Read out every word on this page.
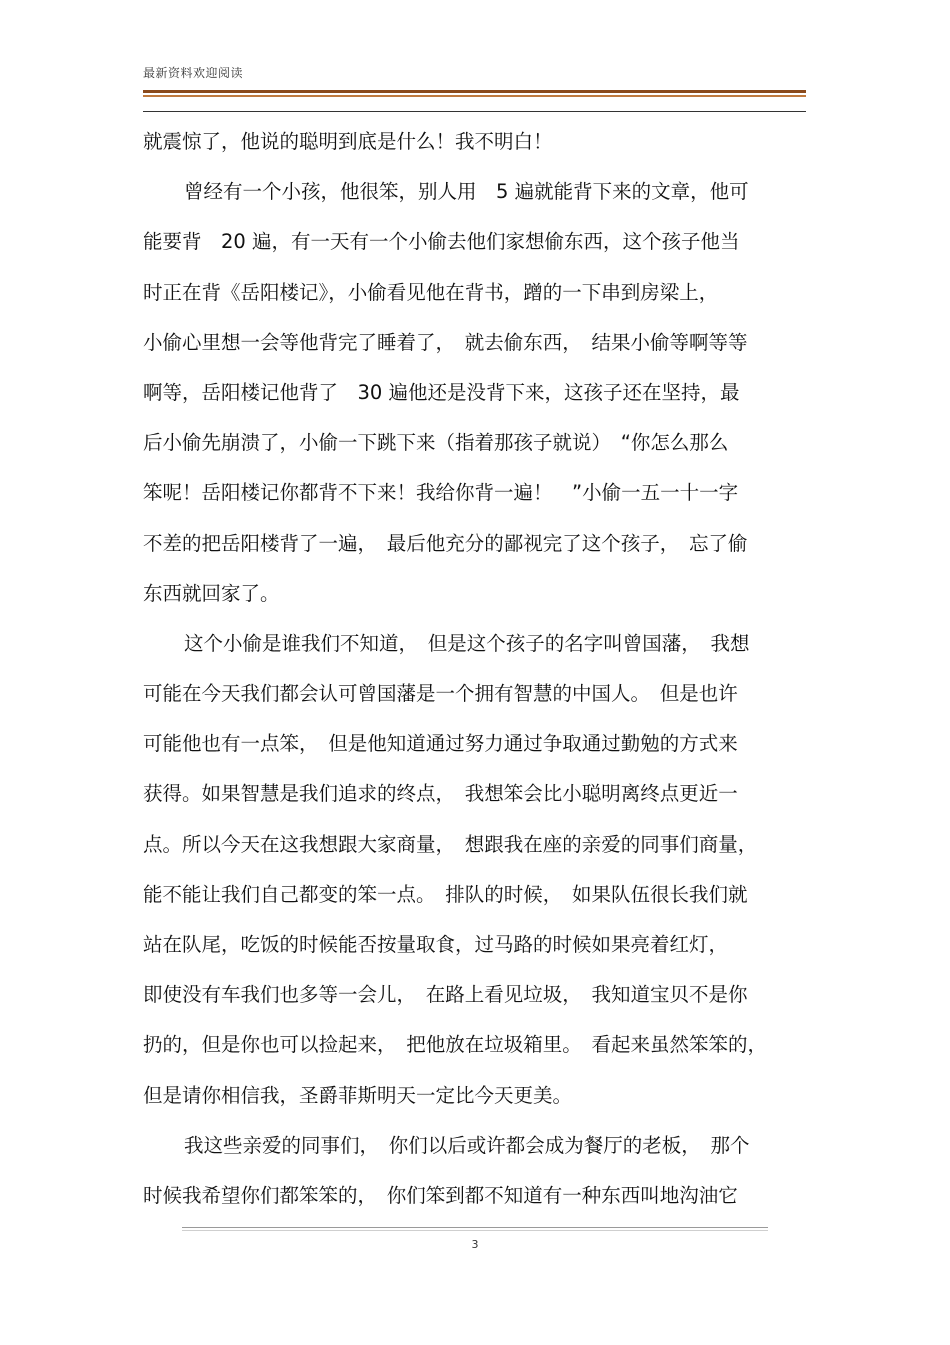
最新资料欢迎阅读
就震惊了，他说的聪明到底是什么！我不明白！
曾经有一个小孩，他很笨，别人用　5 遍就能背下来的文章，他可
能要背　20 遍，有一天有一个小偷去他们家想偷东西，这个孩子他当
时正在背《岳阳楼记》，小偷看见他在背书，蹭的一下串到房梁上，
小偷心里想一会等他背完了睡着了，　就去偷东西，　结果小偷等啊等等
啊等，岳阳楼记他背了　30 遍他还是没背下来，这孩子还在坚持，最
后小偷先崩溃了，小偷一下跳下来（指着那孩子就说）　“你怎么那么
笨呢！岳阳楼记你都背不下来！我给你背一遍！　”小偷一五一十一字
不差的把岳阳楼背了一遍，　最后他充分的鄙视完了这个孩子，　忘了偷
东西就回家了。
这个小偷是谁我们不知道，　但是这个孩子的名字叫曾国藩，　我想
可能在今天我们都会认可曾国藩是一个拥有智慧的中国人。　但是也许
可能他也有一点笨，　但是他知道通过努力通过争取通过勤勉的方式来
获得。如果智慧是我们追求的终点，　我想笨会比小聪明离终点更近一
点。所以今天在这我想跟大家商量，　想跟我在座的亲爱的同事们商量，
能不能让我们自己都变的笨一点。　排队的时候，　如果队伍很长我们就
站在队尾，吃饭的时候能否按量取食，过马路的时候如果亮着红灯，
即使没有车我们也多等一会儿，　在路上看见垃圾，　我知道宝贝不是你
扔的，但是你也可以捡起来，　把他放在垃圾箱里。　看起来虽然笨笨的，
但是请你相信我，圣爵菲斯明天一定比今天更美。
我这些亲爱的同事们，　你们以后或许都会成为餐厅的老板，　那个
时候我希望你们都笨笨的，　你们笨到都不知道有一种东西叫地沟油它
3
